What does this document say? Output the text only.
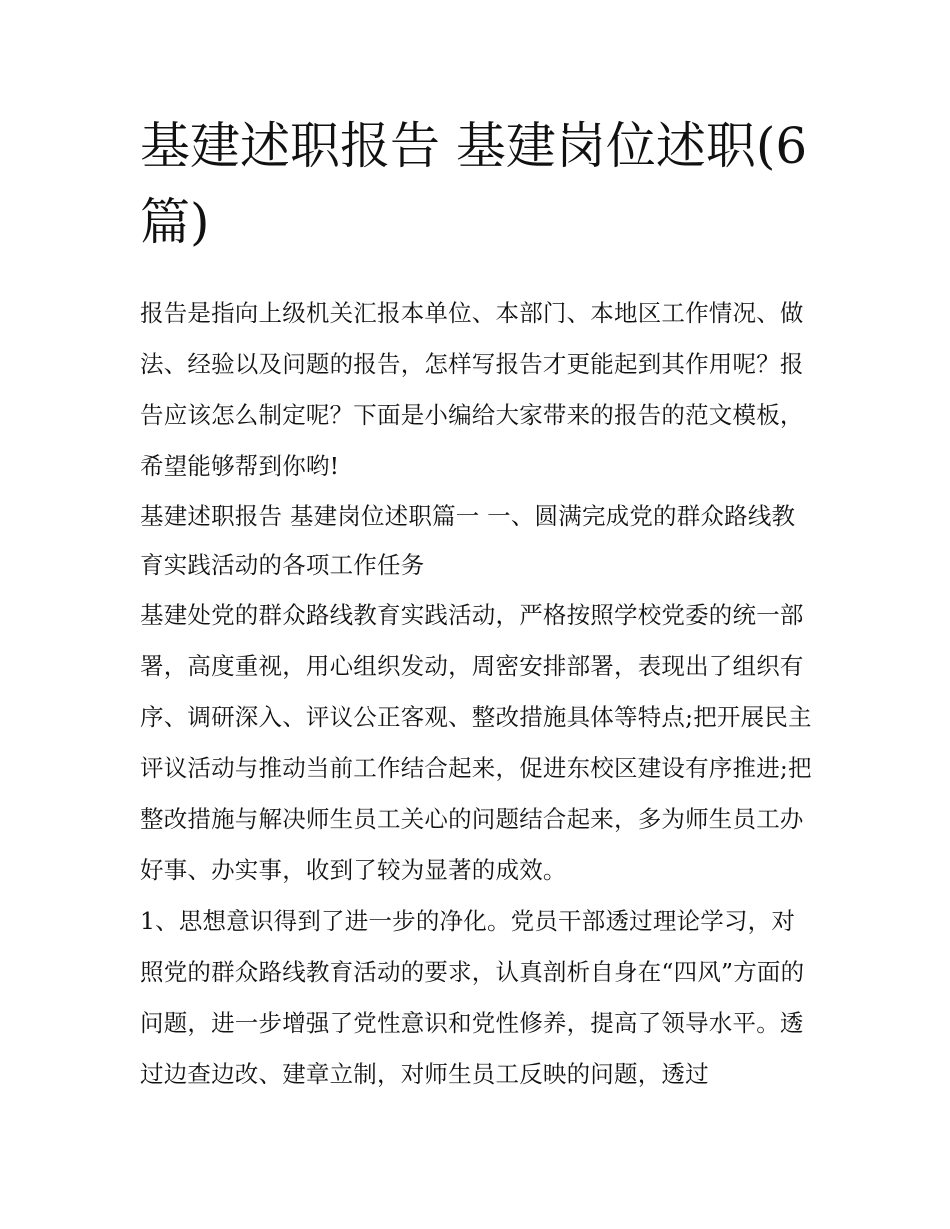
基建述职报告 基建岗位述职(6篇)

报告是指向上级机关汇报本单位、本部门、本地区工作情况、做法、经验以及问题的报告，怎样写报告才更能起到其作用呢？报告应该怎么制定呢？下面是小编给大家带来的报告的范文模板，希望能够帮到你哟!

基建述职报告 基建岗位述职篇一 一、圆满完成党的群众路线教育实践活动的各项工作任务

基建处党的群众路线教育实践活动，严格按照学校党委的统一部署，高度重视，用心组织发动，周密安排部署，表现出了组织有序、调研深入、评议公正客观、整改措施具体等特点;把开展民主评议活动与推动当前工作结合起来，促进东校区建设有序推进;把整改措施与解决师生员工关心的问题结合起来，多为师生员工办好事、办实事，收到了较为显著的成效。

1、思想意识得到了进一步的净化。党员干部透过理论学习，对照党的群众路线教育活动的要求，认真剖析自身在“四风”方面的问题，进一步增强了党性意识和党性修养，提高了领导水平。透过边查边改、建章立制，对师生员工反映的问题，透过
